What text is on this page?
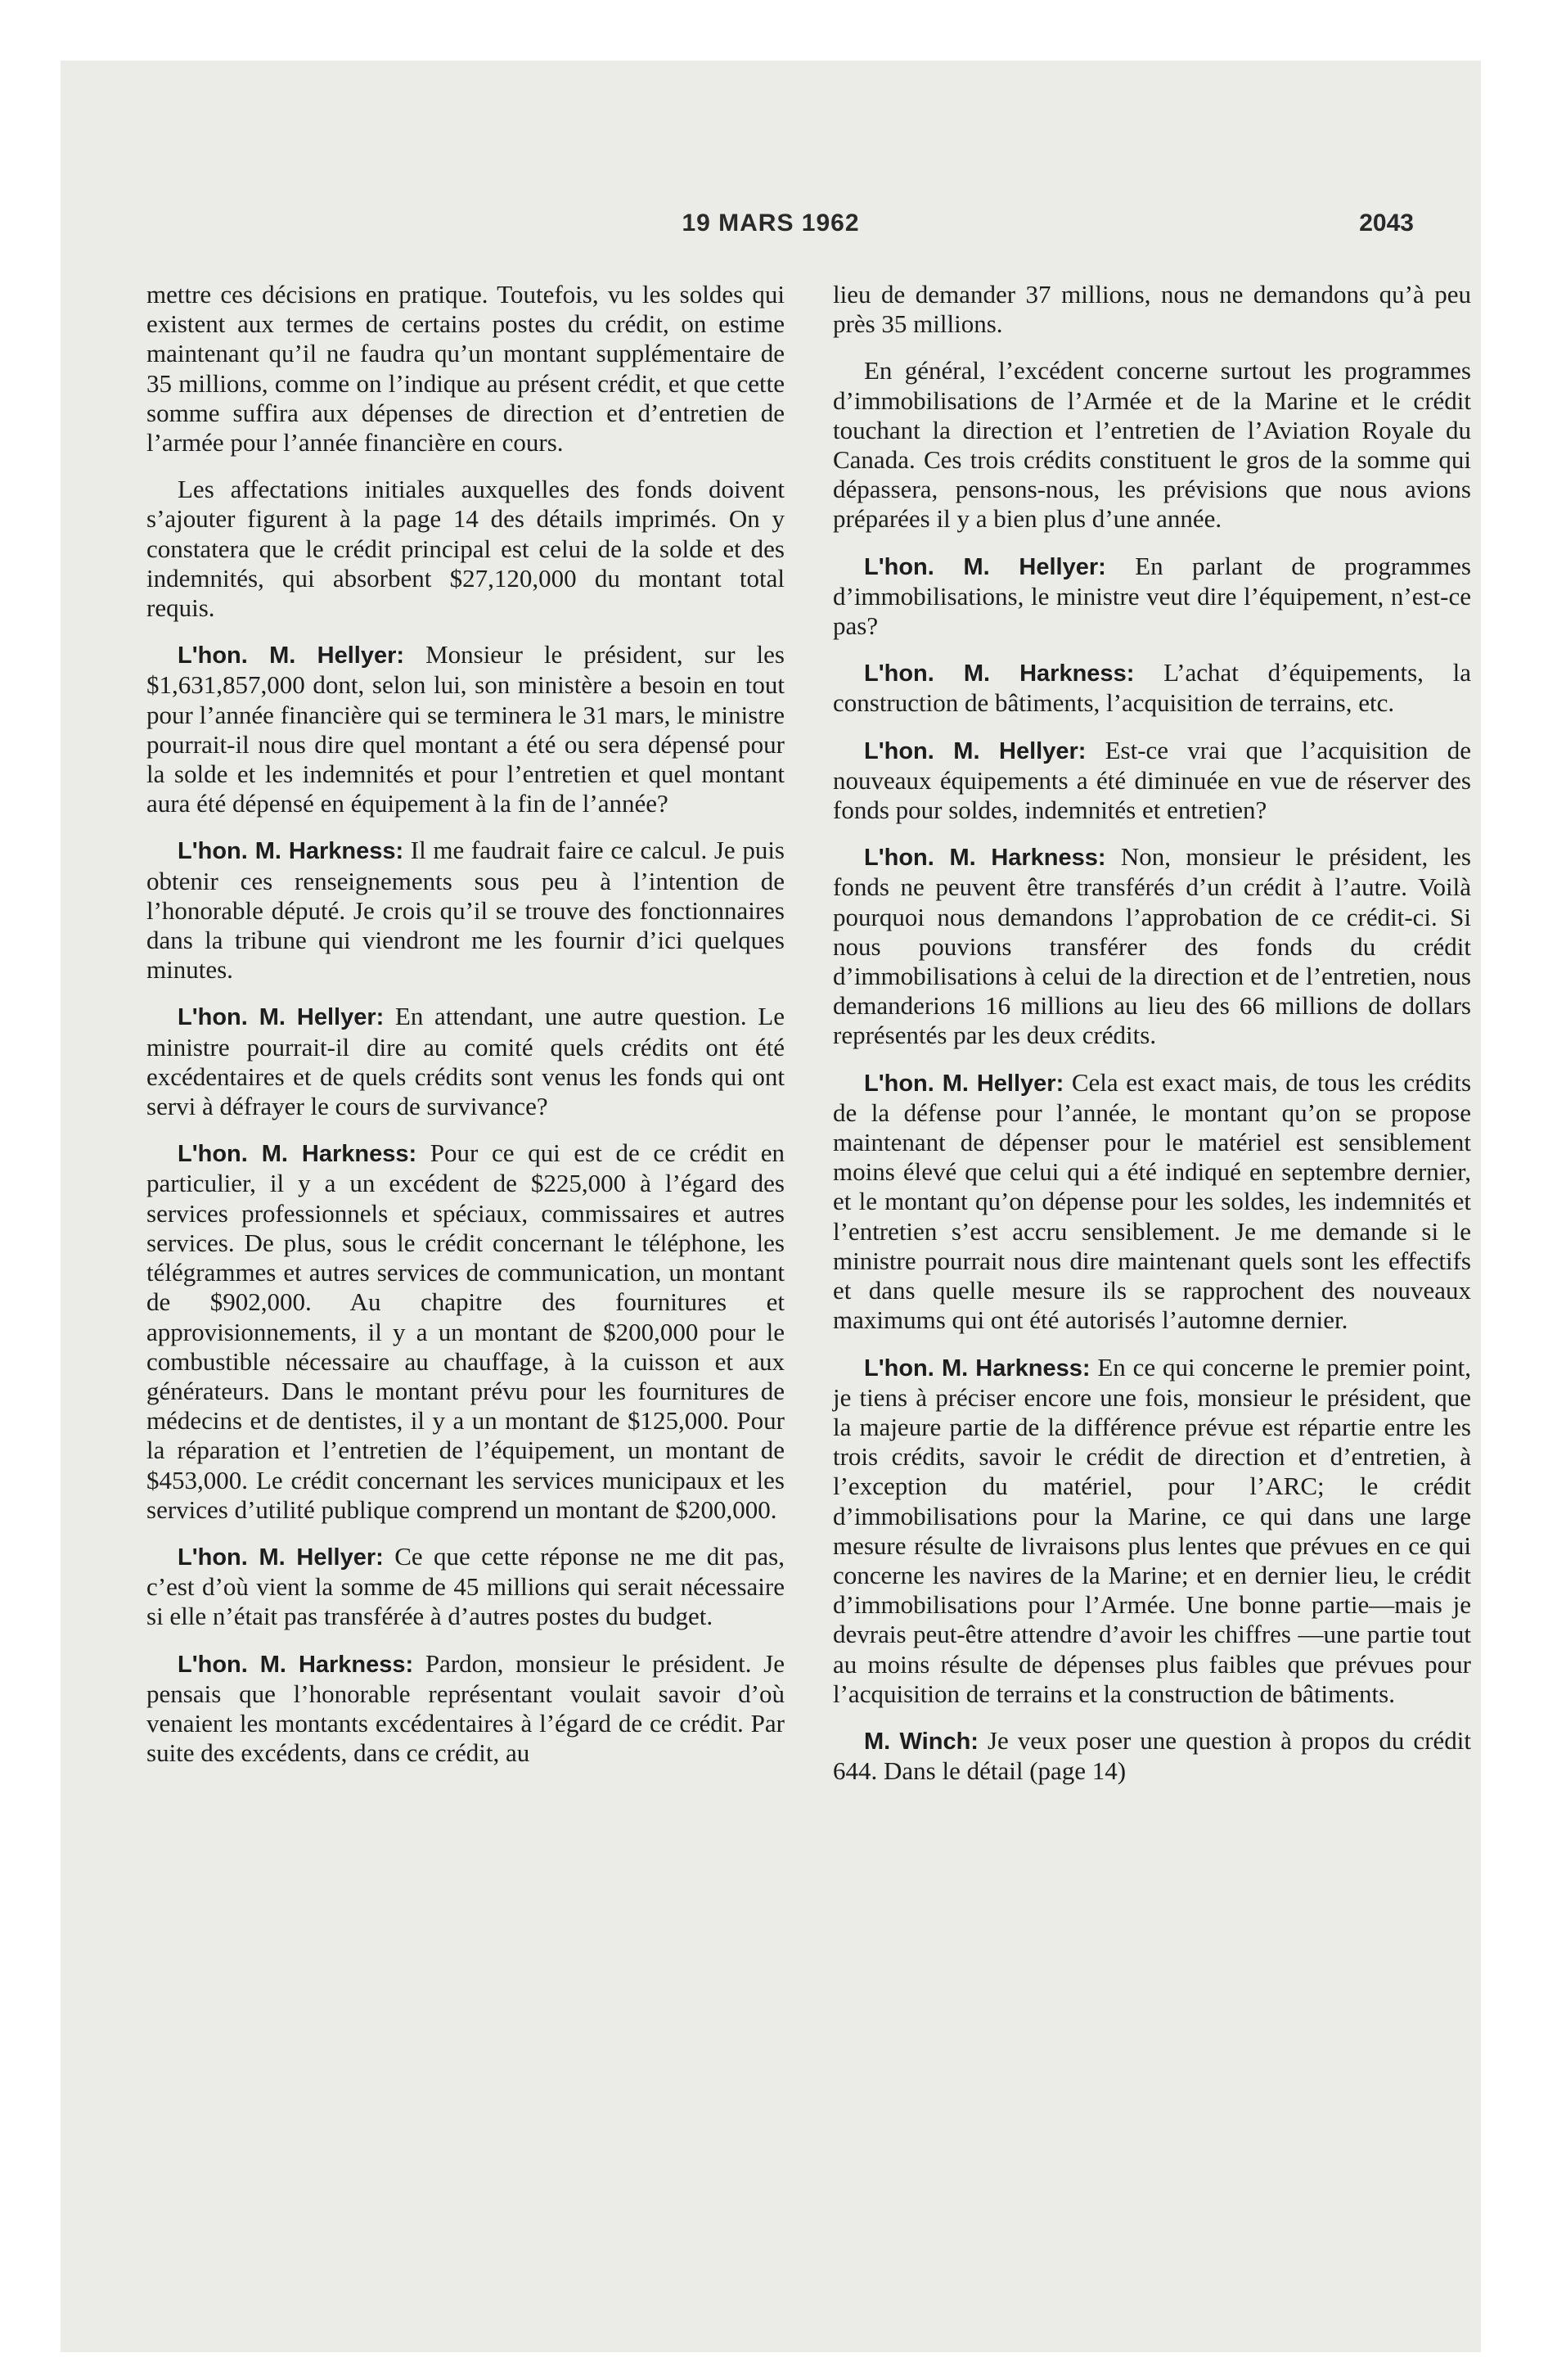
19 MARS 1962	2043

mettre ces décisions en pratique. Toutefois, vu les soldes qui existent aux termes de certains postes du crédit, on estime maintenant qu’il ne faudra qu’un montant supplémentaire de 35 millions, comme on l’indique au présent crédit, et que cette somme suffira aux dépenses de direction et d’entretien de l’armée pour l’année financière en cours.

Les affectations initiales auxquelles des fonds doivent s’ajouter figurent à la page 14 des détails imprimés. On y constatera que le crédit principal est celui de la solde et des indemnités, qui absorbent $27,120,000 du montant total requis.

L'hon. M. Hellyer: Monsieur le président, sur les $1,631,857,000 dont, selon lui, son ministère a besoin en tout pour l’année financière qui se terminera le 31 mars, le ministre pourrait-il nous dire quel montant a été ou sera dépensé pour la solde et les indemnités et pour l’entretien et quel montant aura été dépensé en équipement à la fin de l’année?

L'hon. M. Harkness: Il me faudrait faire ce calcul. Je puis obtenir ces renseignements sous peu à l’intention de l’honorable député. Je crois qu’il se trouve des fonctionnaires dans la tribune qui viendront me les fournir d’ici quelques minutes.

L'hon. M. Hellyer: En attendant, une autre question. Le ministre pourrait-il dire au comité quels crédits ont été excédentaires et de quels crédits sont venus les fonds qui ont servi à défrayer le cours de survivance?

L'hon. M. Harkness: Pour ce qui est de ce crédit en particulier, il y a un excédent de $225,000 à l’égard des services professionnels et spéciaux, commissaires et autres services. De plus, sous le crédit concernant le téléphone, les télégrammes et autres services de communication, un montant de $902,000. Au chapitre des fournitures et approvisionnements, il y a un montant de $200,000 pour le combustible nécessaire au chauffage, à la cuisson et aux générateurs. Dans le montant prévu pour les fournitures de médecins et de dentistes, il y a un montant de $125,000. Pour la réparation et l’entretien de l’équipement, un montant de $453,000. Le crédit concernant les services municipaux et les services d’utilité publique comprend un montant de $200,000.

L'hon. M. Hellyer: Ce que cette réponse ne me dit pas, c’est d’où vient la somme de 45 millions qui serait nécessaire si elle n’était pas transférée à d’autres postes du budget.

L'hon. M. Harkness: Pardon, monsieur le président. Je pensais que l’honorable représentant voulait savoir d’où venaient les montants excédentaires à l’égard de ce crédit. Par suite des excédents, dans ce crédit, au

lieu de demander 37 millions, nous ne demandons qu’à peu près 35 millions.

En général, l’excédent concerne surtout les programmes d’immobilisations de l’Armée et de la Marine et le crédit touchant la direction et l’entretien de l’Aviation Royale du Canada. Ces trois crédits constituent le gros de la somme qui dépassera, pensons-nous, les prévisions que nous avions préparées il y a bien plus d’une année.

L'hon. M. Hellyer: En parlant de programmes d’immobilisations, le ministre veut dire l’équipement, n’est-ce pas?

L'hon. M. Harkness: L’achat d’équipements, la construction de bâtiments, l’acquisition de terrains, etc.

L'hon. M. Hellyer: Est-ce vrai que l’acquisition de nouveaux équipements a été diminuée en vue de réserver des fonds pour soldes, indemnités et entretien?

L'hon. M. Harkness: Non, monsieur le président, les fonds ne peuvent être transférés d’un crédit à l’autre. Voilà pourquoi nous demandons l’approbation de ce crédit-ci. Si nous pouvions transférer des fonds du crédit d’immobilisations à celui de la direction et de l’entretien, nous demanderions 16 millions au lieu des 66 millions de dollars représentés par les deux crédits.

L'hon. M. Hellyer: Cela est exact mais, de tous les crédits de la défense pour l’année, le montant qu’on se propose maintenant de dépenser pour le matériel est sensiblement moins élevé que celui qui a été indiqué en septembre dernier, et le montant qu’on dépense pour les soldes, les indemnités et l’entretien s’est accru sensiblement. Je me demande si le ministre pourrait nous dire maintenant quels sont les effectifs et dans quelle mesure ils se rapprochent des nouveaux maximums qui ont été autorisés l’automne dernier.

L'hon. M. Harkness: En ce qui concerne le premier point, je tiens à préciser encore une fois, monsieur le président, que la majeure partie de la différence prévue est répartie entre les trois crédits, savoir le crédit de direction et d’entretien, à l’exception du matériel, pour l’ARC; le crédit d’immobilisations pour la Marine, ce qui dans une large mesure résulte de livraisons plus lentes que prévues en ce qui concerne les navires de la Marine; et en dernier lieu, le crédit d’immobilisations pour l’Armée. Une bonne partie—mais je devrais peut-être attendre d’avoir les chiffres —une partie tout au moins résulte de dépenses plus faibles que prévues pour l’acquisition de terrains et la construction de bâtiments.

M. Winch: Je veux poser une question à propos du crédit 644. Dans le détail (page 14)
